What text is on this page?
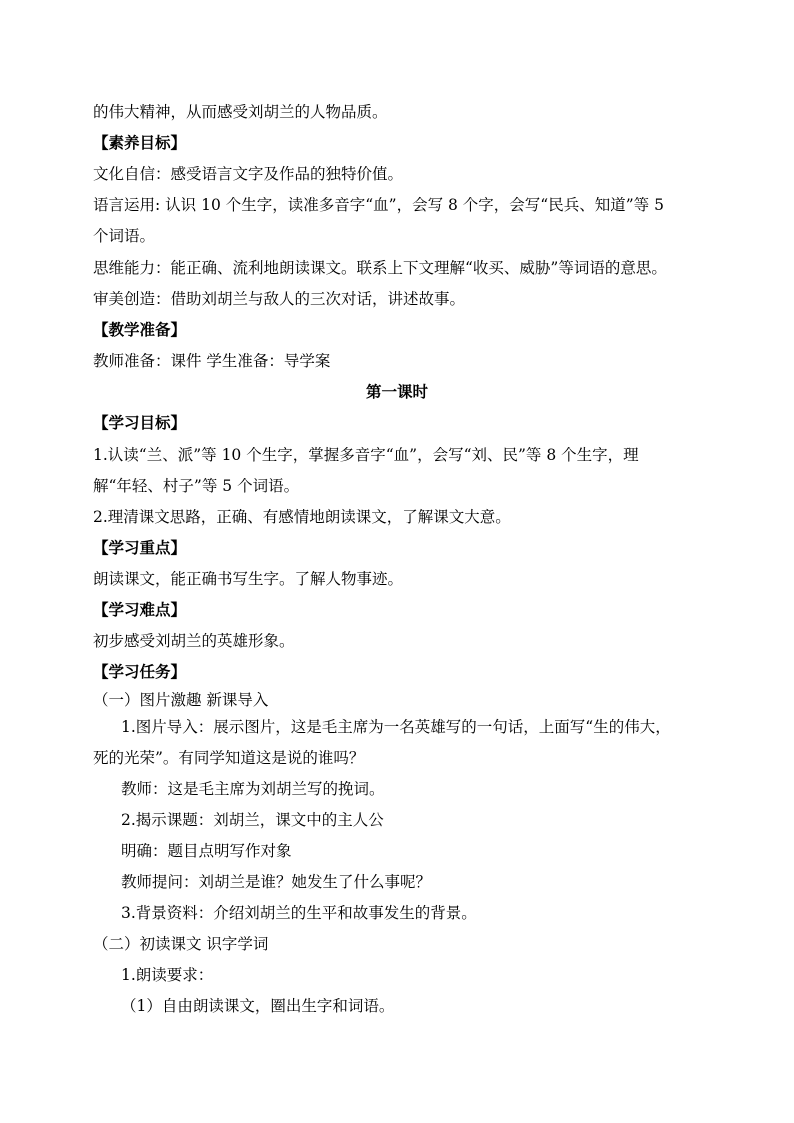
的伟大精神，从而感受刘胡兰的人物品质。
【素养目标】
文化自信：感受语言文字及作品的独特价值。
语言运用: 认识 10 个生字，读准多音字“血”，会写 8 个字，会写“民兵、知道”等 5
个词语。
思维能力：能正确、流利地朗读课文。联系上下文理解“收买、威胁”等词语的意思。
审美创造：借助刘胡兰与敌人的三次对话，讲述故事。
【教学准备】
教师准备：课件 学生准备：导学案
第一课时
【学习目标】
1.认读“兰、派”等 10 个生字，掌握多音字“血”，会写“刘、民”等 8 个生字，理
解“年轻、村子”等 5 个词语。
2.理清课文思路，正确、有感情地朗读课文，了解课文大意。
【学习重点】
朗读课文，能正确书写生字。了解人物事迹。
【学习难点】
初步感受刘胡兰的英雄形象。
【学习任务】
（一）图片激趣 新课导入
1.图片导入：展示图片，这是毛主席为一名英雄写的一句话，上面写“生的伟大，
死的光荣”。有同学知道这是说的谁吗？
教师：这是毛主席为刘胡兰写的挽词。
2.揭示课题：刘胡兰，课文中的主人公
明确：题目点明写作对象
教师提问：刘胡兰是谁？她发生了什么事呢？
3.背景资料：介绍刘胡兰的生平和故事发生的背景。
（二）初读课文 识字学词
1.朗读要求：
（1）自由朗读课文，圈出生字和词语。
